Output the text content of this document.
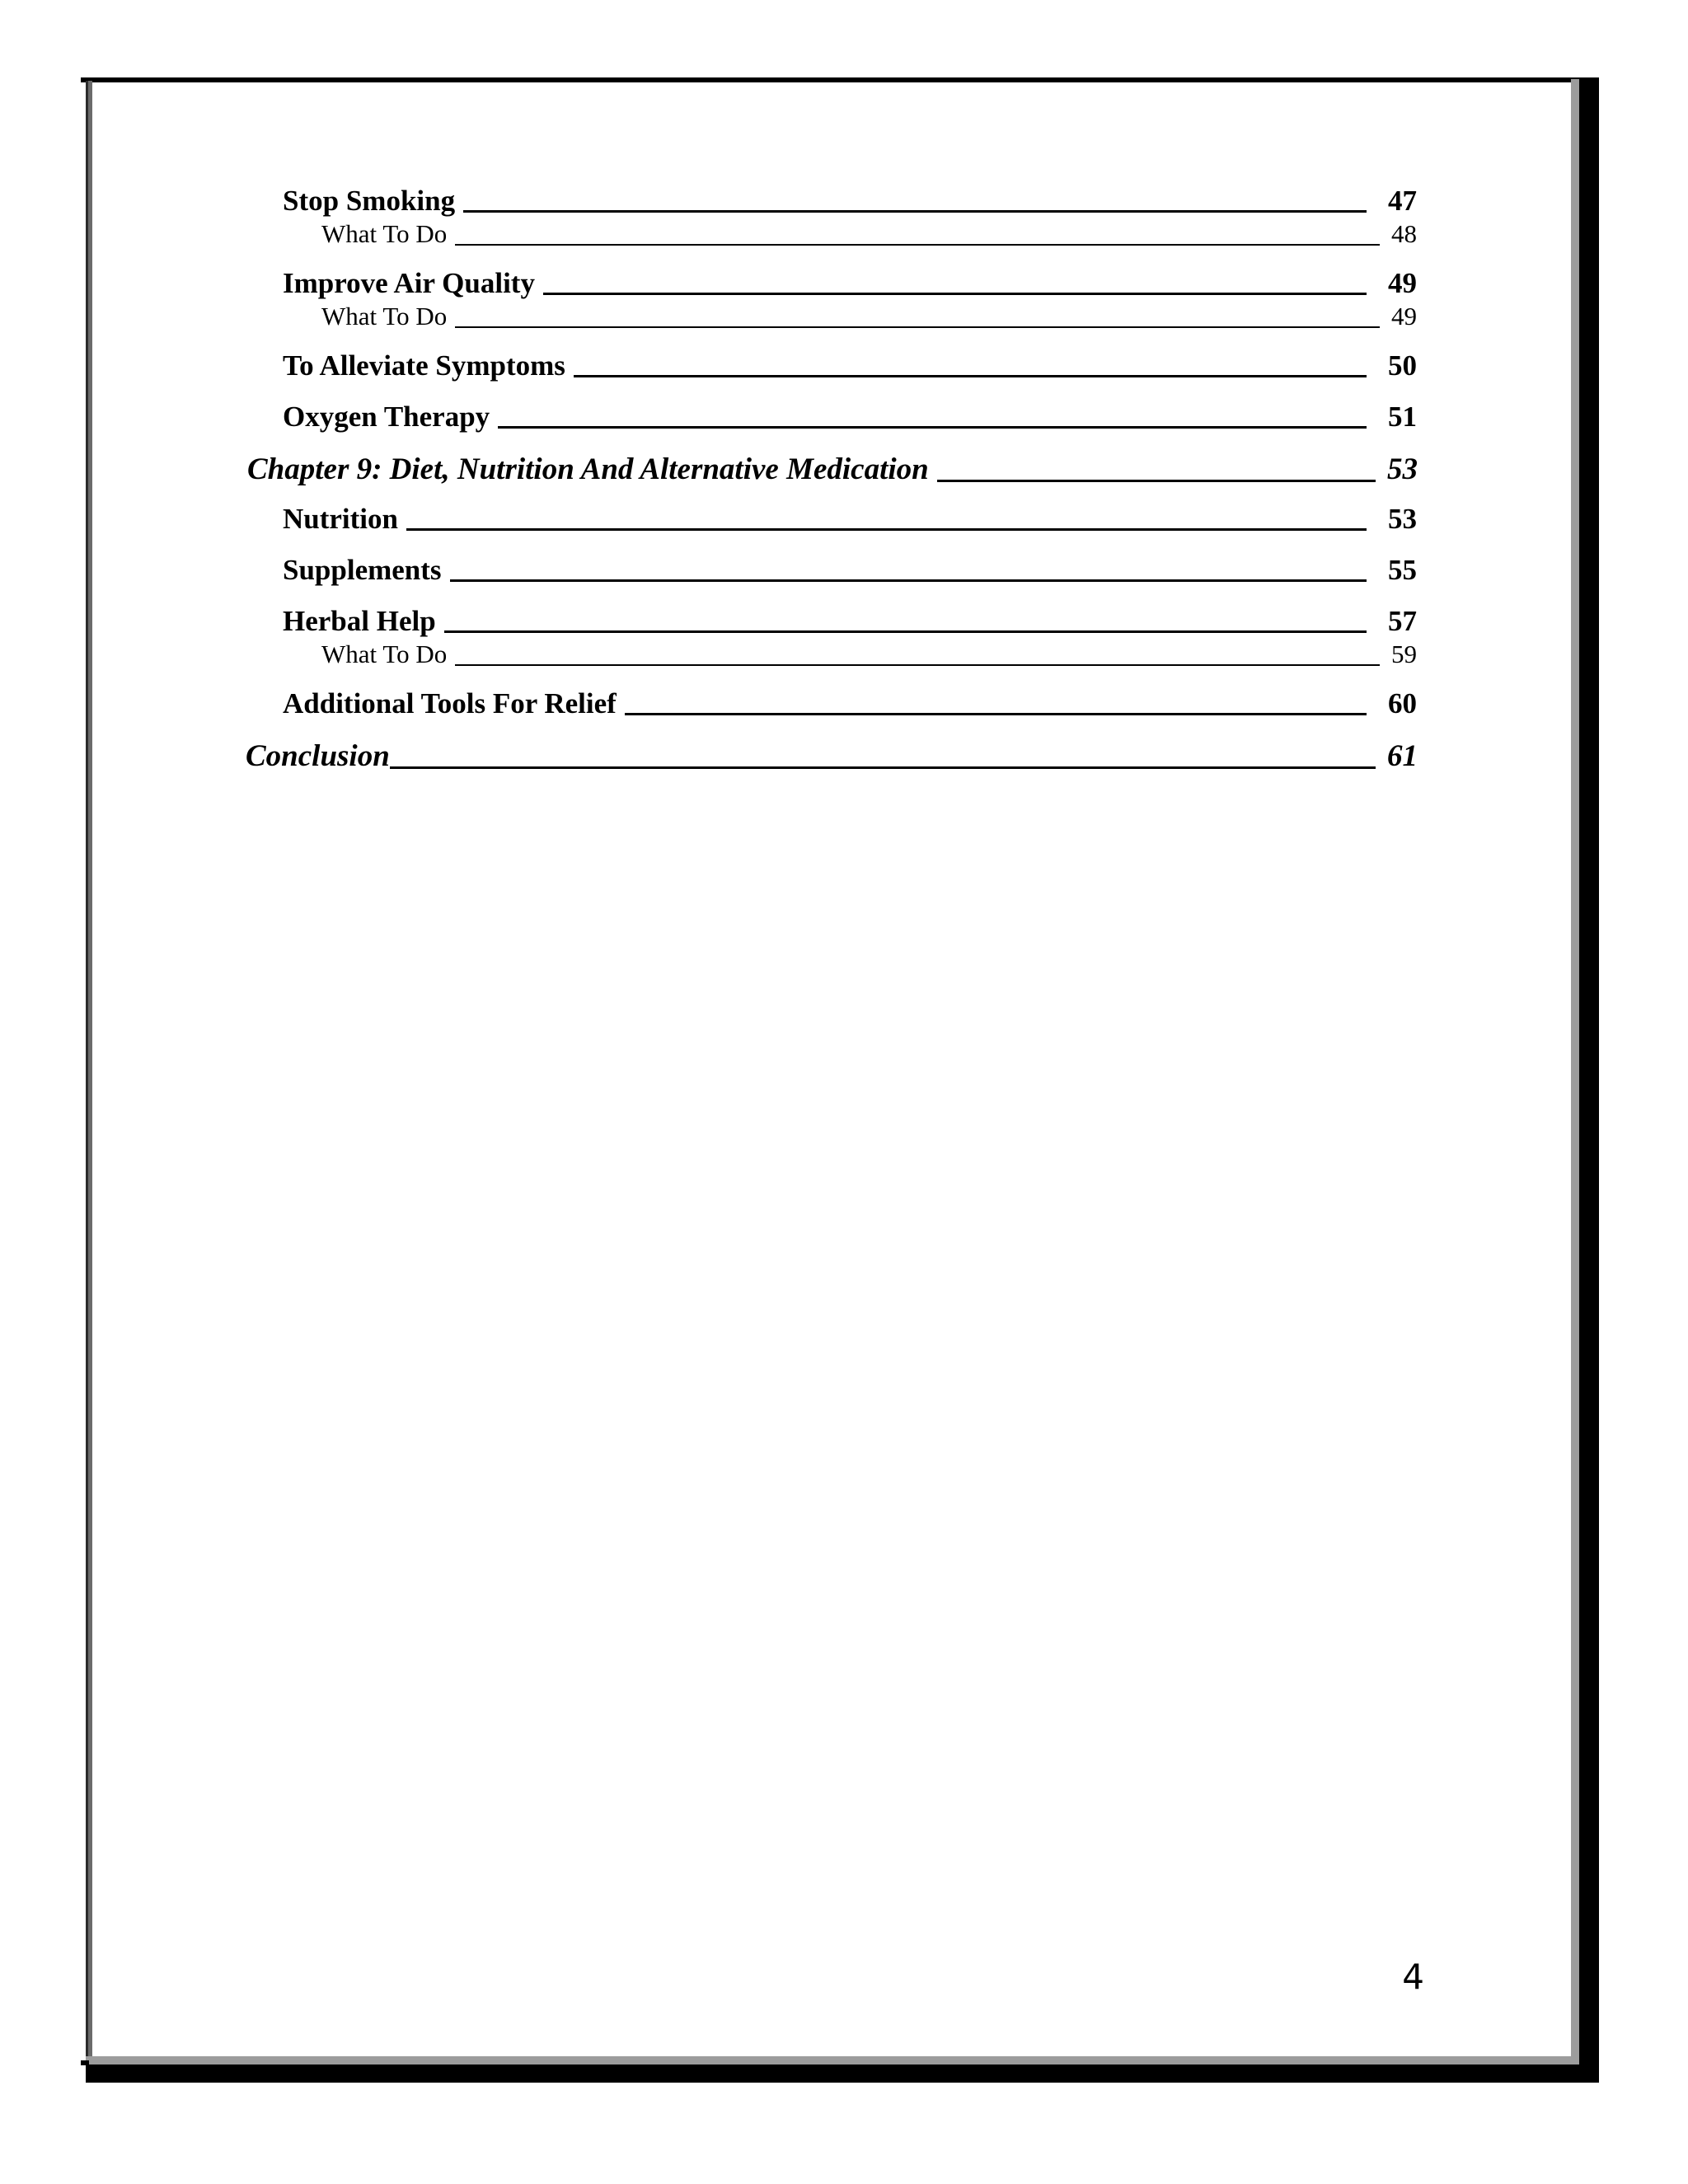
Stop Smoking	47
What To Do	48
Improve Air Quality	49
What To Do	49
To Alleviate Symptoms	50
Oxygen Therapy	51
Chapter 9: Diet, Nutrition And Alternative Medication	53
Nutrition	53
Supplements	55
Herbal Help	57
What To Do	59
Additional Tools For Relief	60
Conclusion	61
4
